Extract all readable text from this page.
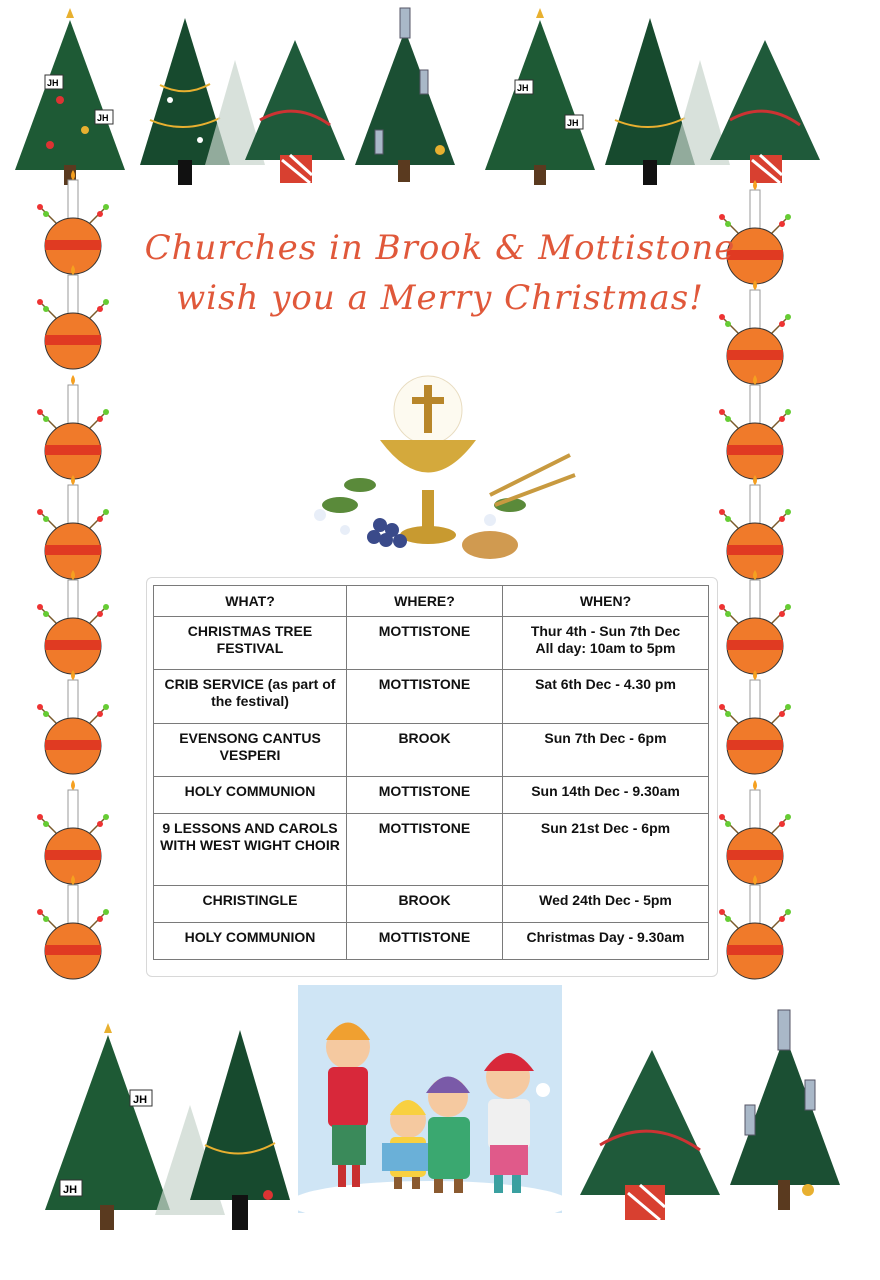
JH
JH
JH
JH
Churches in Brook & Mottistone
wish you a Merry Christmas!
WHAT?	WHERE?	WHEN?
CHRISTMAS TREE FESTIVAL	MOTTISTONE	Thur 4th - Sun 7th Dec
All day: 10am to 5pm

CRIB SERVICE (as part of the festival)	MOTTISTONE	Sat 6th Dec - 4.30 pm
EVENSONG CANTUS VESPERI	BROOK	Sun 7th Dec - 6pm
HOLY COMMUNION	MOTTISTONE	Sun 14th Dec - 9.30am
9 LESSONS AND CAROLS WITH WEST WIGHT CHOIR	MOTTISTONE	Sun 21st Dec - 6pm
CHRISTINGLE	BROOK	Wed 24th Dec - 5pm
HOLY COMMUNION	MOTTISTONE	Christmas Day - 9.30am
JH
JH
